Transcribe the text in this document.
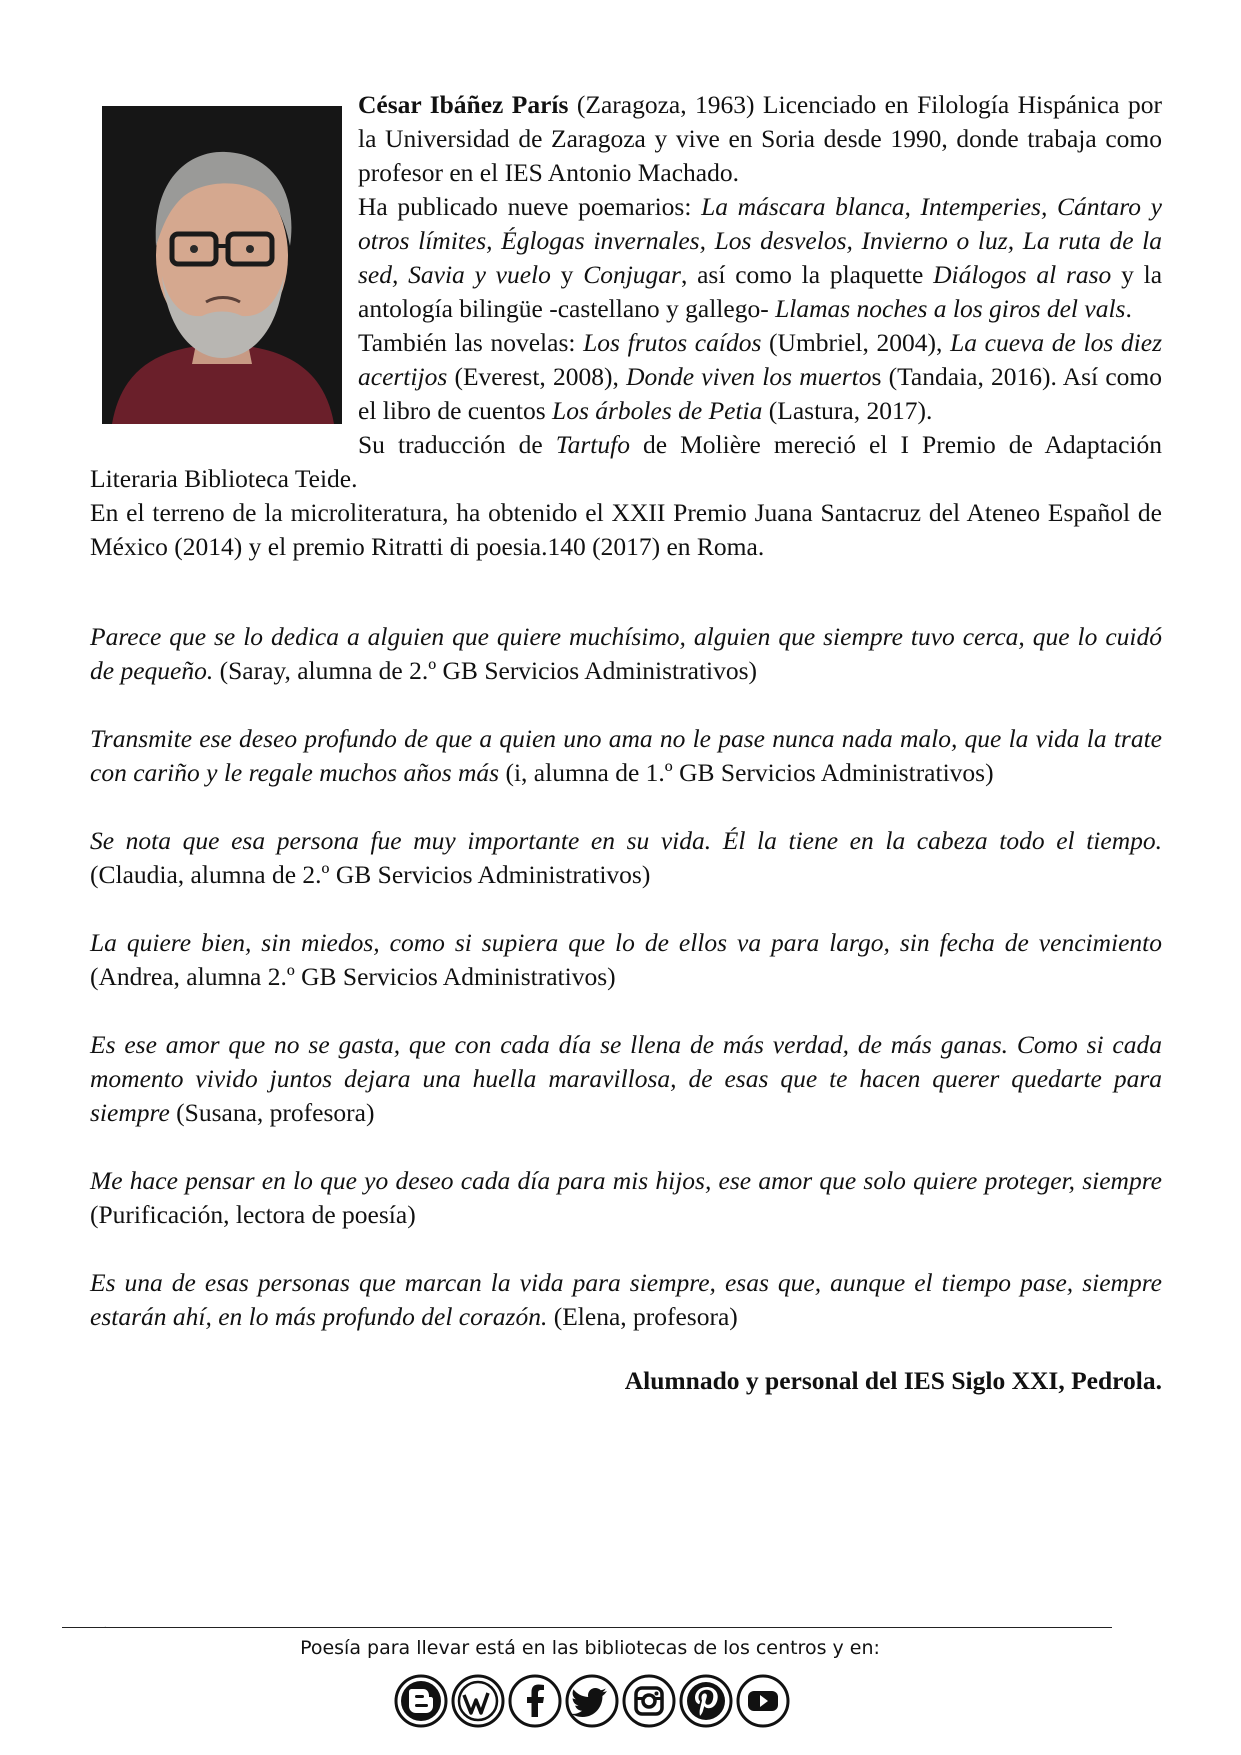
César Ibáñez París (Zaragoza, 1963) Licenciado en Filología Hispánica por la Universidad de Zaragoza y vive en Soria desde 1990, donde trabaja como profesor en el IES Antonio Machado.

Ha publicado nueve poemarios: La máscara blanca, Intemperies, Cántaro y otros límites, Églogas invernales, Los desvelos, Invierno o luz, La ruta de la sed, Savia y vuelo y Conjugar, así como la plaquette Diálogos al raso y la antología bilingüe -castellano y gallego- Llamas noches a los giros del vals.

También las novelas: Los frutos caídos (Umbriel, 2004), La cueva de los diez acertijos (Everest, 2008), Donde viven los muertos (Tandaia, 2016). Así como el libro de cuentos Los árboles de Petia (Lastura, 2017).

Su traducción de Tartufo de Molière mereció el I Premio de Adaptación Literaria Biblioteca Teide.

En el terreno de la microliteratura, ha obtenido el XXII Premio Juana Santacruz del Ateneo Español de México (2014) y el premio Ritratti di poesia.140 (2017) en Roma.

Parece que se lo dedica a alguien que quiere muchísimo, alguien que siempre tuvo cerca, que lo cuidó de pequeño. (Saray, alumna de 2.º GB Servicios Administrativos)

Transmite ese deseo profundo de que a quien uno ama no le pase nunca nada malo, que la vida la trate con cariño y le regale muchos años más (i, alumna de 1.º GB Servicios Administrativos)

Se nota que esa persona fue muy importante en su vida. Él la tiene en la cabeza todo el tiempo. (Claudia, alumna de 2.º GB Servicios Administrativos)

La quiere bien, sin miedos, como si supiera que lo de ellos va para largo, sin fecha de vencimiento (Andrea, alumna 2.º GB Servicios Administrativos)

Es ese amor que no se gasta, que con cada día se llena de más verdad, de más ganas. Como si cada momento vivido juntos dejara una huella maravillosa, de esas que te hacen querer quedarte para siempre (Susana, profesora)

Me hace pensar en lo que yo deseo cada día para mis hijos, ese amor que solo quiere proteger, siempre (Purificación, lectora de poesía)

Es una de esas personas que marcan la vida para siempre, esas que, aunque el tiempo pase, siempre estarán ahí, en lo más profundo del corazón. (Elena, profesora)

Alumnado y personal del IES Siglo XXI, Pedrola.
.
Poesía para llevar está en las bibliotecas de los centros y en:
